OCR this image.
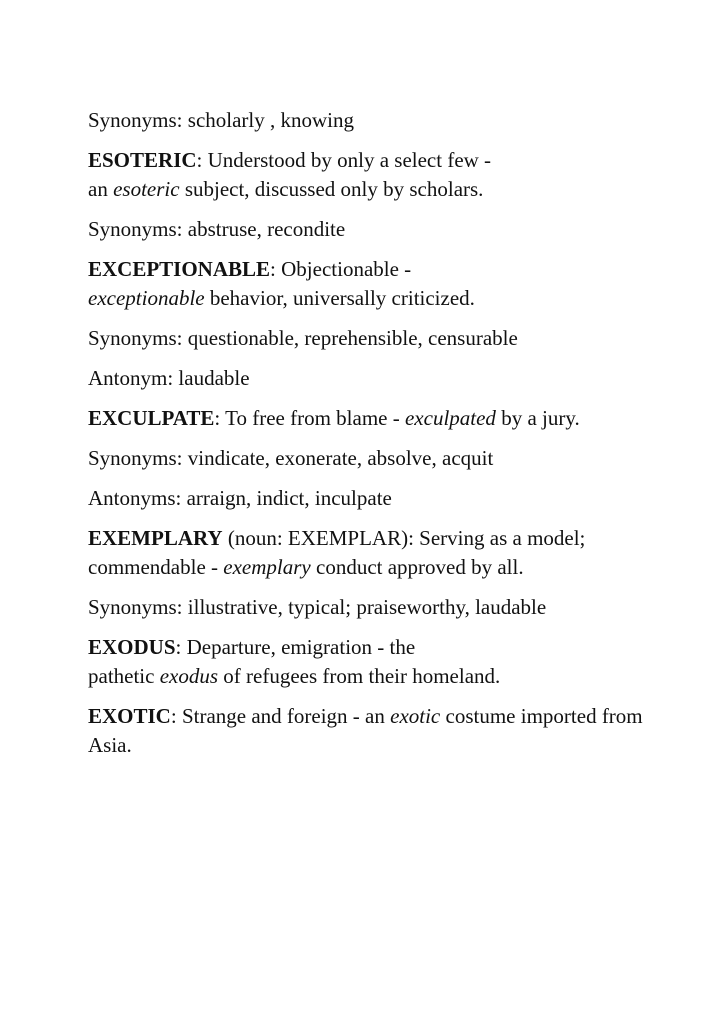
Synonyms: scholarly , knowing

ESOTERIC: Understood by only a select few -
an esoteric subject, discussed only by scholars.

Synonyms: abstruse, recondite

EXCEPTIONABLE: Objectionable -
exceptionable behavior, universally criticized.

Synonyms: questionable, reprehensible, censurable

Antonym: laudable

EXCULPATE: To free from blame - exculpated by a jury.

Synonyms: vindicate, exonerate, absolve, acquit

Antonyms: arraign, indict, inculpate

EXEMPLARY (noun: EXEMPLAR): Serving as a model; commendable - exemplary conduct approved by all.

Synonyms: illustrative, typical; praiseworthy, laudable

EXODUS: Departure, emigration - the
pathetic exodus of refugees from their homeland.

EXOTIC: Strange and foreign - an exotic costume imported from Asia.
